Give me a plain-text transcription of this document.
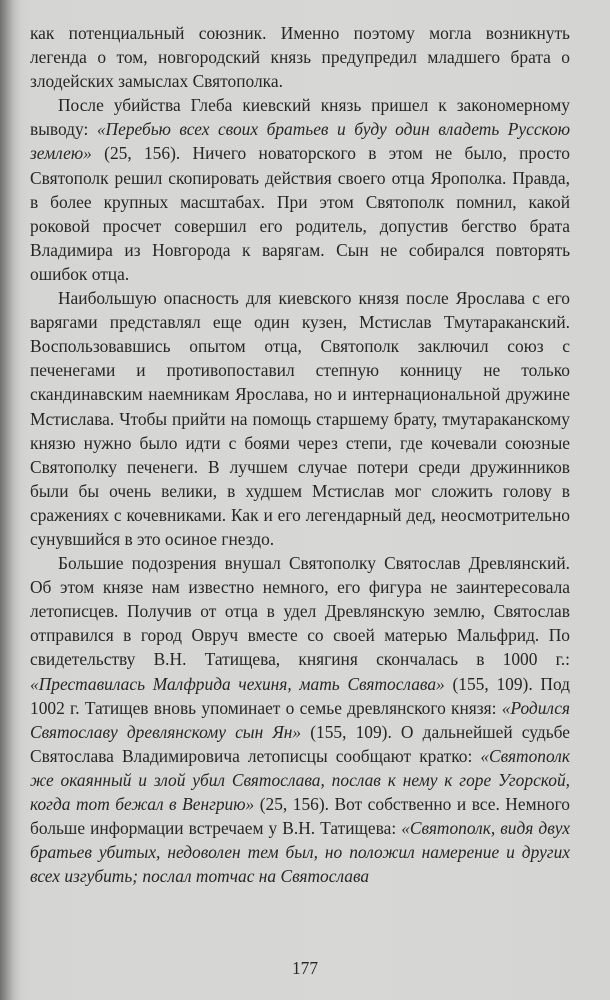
как потенциальный союзник. Именно поэтому могла возникнуть легенда о том, новгородский князь предупредил младшего брата о злодейских замыслах Святополка.

После убийства Глеба киевский князь пришел к закономерному выводу: «Перебью всех своих братьев и буду один владеть Русскою землею» (25, 156). Ничего новаторского в этом не было, просто Святополк решил скопировать действия своего отца Ярополка. Правда, в более крупных масштабах. При этом Святополк помнил, какой роковой просчет совершил его родитель, допустив бегство брата Владимира из Новгорода к варягам. Сын не собирался повторять ошибок отца.

Наибольшую опасность для киевского князя после Ярослава с его варягами представлял еще один кузен, Мстислав Тмутараканский. Воспользовавшись опытом отца, Святополк заключил союз с печенегами и противопоставил степную конницу не только скандинавским наемникам Ярослава, но и интернациональной дружине Мстислава. Чтобы прийти на помощь старшему брату, тмутараканскому князю нужно было идти с боями через степи, где кочевали союзные Святополку печенеги. В лучшем случае потери среди дружинников были бы очень велики, в худшем Мстислав мог сложить голову в сражениях с кочевниками. Как и его легендарный дед, неосмотрительно сунувшийся в это осиное гнездо.

Большие подозрения внушал Святополку Святослав Древлянский. Об этом князе нам известно немного, его фигура не заинтересовала летописцев. Получив от отца в удел Древлянскую землю, Святослав отправился в город Овруч вместе со своей матерью Мальфрид. По свидетельству В.Н. Татищева, княгиня скончалась в 1000 г.: «Преставилась Малфрида чехиня, мать Святослава» (155, 109). Под 1002 г. Татищев вновь упоминает о семье древлянского князя: «Родился Святославу древлянскому сын Ян» (155, 109). О дальнейшей судьбе Святослава Владимировича летописцы сообщают кратко: «Святополк же окаянный и злой убил Святослава, послав к нему к горе Угорской, когда тот бежал в Венгрию» (25, 156). Вот собственно и все. Немного больше информации встречаем у В.Н. Татищева: «Святополк, видя двух братьев убитых, недоволен тем был, но положил намерение и других всех изгубить; послал тотчас на Святослава

177
